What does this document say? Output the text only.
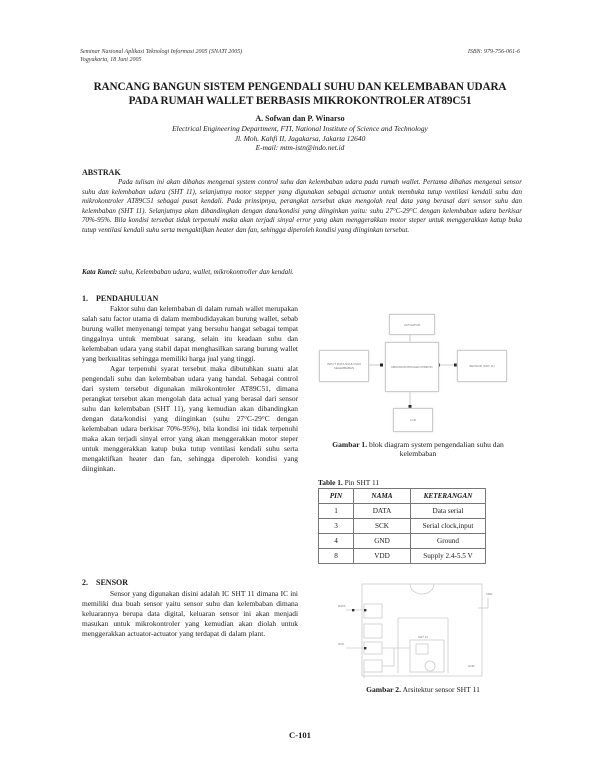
Seminar Nasional Aplikasi Teknologi Informasi 2005 (SNATI 2005)
Yogyakarta, 18 Juni 2005
ISBN: 979-756-061-6
RANCANG BANGUN SISTEM PENGENDALI SUHU DAN KELEMBABAN UDARA
PADA RUMAH WALLET BERBASIS MIKROKONTROLER AT89C51
A. Sofwan dan P. Winarso
Electrical Engineering Department, FTI, National Institute of Science and Technology
Jl. Moh. Kahfi II, Jagakarsa, Jakarta 12640
E-mail: mtm-istn@indo.net.id
ABSTRAK
Pada tulisan ini akan dibahas mengenai system control suhu dan kelembaban udara pada rumah wallet. Pertama dibahas mengenai sensor suhu dan kelembaban udara (SHT 11), selanjutnya motor stepper yang digunakan sebagai actuator untuk membuka tutup ventilasi kendali suhu dan mikrokontroler AT89C51 sebagai pusat kendali. Pada prinsipnya, perangkat tersebut akan mengolah real data yang berasal dari sensor suhu dan kelembaban (SHT 11). Selanjutnya akan dibandingkan dengan data/kondisi yang diinginkan yaitu: suhu 27°C-29°C dengan kelembaban udara berkisar 70%-95%. Bila kondisi tersebat tidak terpenuhi maka akan terjadi sinyal error yang akan menggerakkan motor steper untuk menggerakkan katup buka tutup ventilasi kendali suhu serta mengaktifkan heater dan fan, sehingga diperoleh kondisi yang diinginkan tersebut.
Kata Kunci: suhu, Kelembaban udara, wallet, mikrokontroller dan kendali.
1.    PENDAHULUAN

Faktor suhu dan kelembaban di dalam rumah wallet merupakan salah satu factor utama di dalam membudidayakan burung wallet, sebab burung wallet menyenangi tempat yang bersuhu hangat sebagai tempat tinggalnya untuk membuat sarang, selain itu keadaan suhu dan kelembaban udara yang stabil dapat menghasilkan sarang burung wallet yang berkualitas sehingga memiliki harga jual yang tinggi.

Agar terpenuhi syarat tersebut maka dibutuhkan suatu alat pengendali suhu dan kelembaban udara yang handal. Sebagai control dari system tersebut digunakan mikrokontroler AT89C51, dimana perangkat tersebut akan mengolah data actual yang berasal dari sensor suhu dan kelembaban (SHT 11), yang kemudian akan dibandingkan dengan data/kondisi yang diinginkan (suhu 27°C-29°C dengan kelembaban udara berkisar 70%-95%), bila kondisi ini tidak terpenuhi maka akan terjadi sinyal error yang akan menggerakkan motor steper untuk menggerakkan katup buka tutup ventilasi kendali suhu serta mengaktifkan heater dan fan, sehingga diperoleh kondisi yang diinginkan.

2.    SENSOR

Sensor yang digunakan disini adalah IC SHT 11 dimana IC ini memiliki dua buah sensor yaitu sensor suhu dan kelembaban dimana keluarannya berupa data digital, keluaran sensor ini akan menjadi masukan untuk mikrokontroler yang kemudian akan diolah untuk menggerakkan actuator-actuator yang terdapat di dalam plant.

AKTUATOR
INPUT DATA SUHU DAN KELEMBABAN	MIKROKONTROLER AT89C51	SENSOR (SHT 11)
LCD
Gambar 1. blok diagram system pengendalian suhu dan kelembaban
Table 1. Pin SHT 11
PIN	NAMA	KETERANGAN
1	DATA	Data serial
3	SCK	Serial clock,input
4	GND	Ground
8	VDD	Supply 2.4-5.5 V
DATA
SCK
VDD
GND
SHT 11
Gambar 2. Arsitektur sensor SHT 11
C-101
